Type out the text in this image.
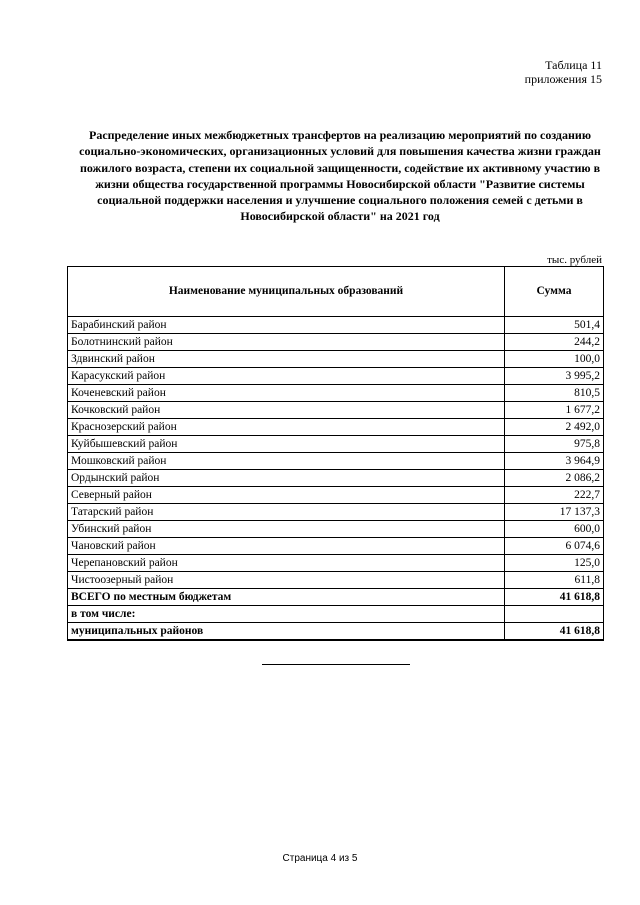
Таблица 11
приложения 15
Распределение иных межбюджетных трансфертов на реализацию мероприятий по созданию социально-экономических, организационных условий для повышения качества жизни граждан пожилого возраста, степени их социальной защищенности, содействие их активному участию в жизни общества государственной программы Новосибирской области "Развитие системы социальной поддержки населения и улучшение социального положения семей с детьми в Новосибирской области" на 2021 год
тыс. рублей
Наименование муниципальных образований	Сумма
Барабинский район	501,4
Болотнинский район	244,2
Здвинский район	100,0
Карасукский район	3 995,2
Коченевский район	810,5
Кочковский район	1 677,2
Краснозерский район	2 492,0
Куйбышевский район	975,8
Мошковский район	3 964,9
Ордынский район	2 086,2
Северный район	222,7
Татарский район	17 137,3
Убинский район	600,0
Чановский район	6 074,6
Черепановский район	125,0
Чистоозерный район	611,8
ВСЕГО по местным бюджетам	41 618,8
в том числе:	
муниципальных районов	41 618,8
Страница 4 из 5
